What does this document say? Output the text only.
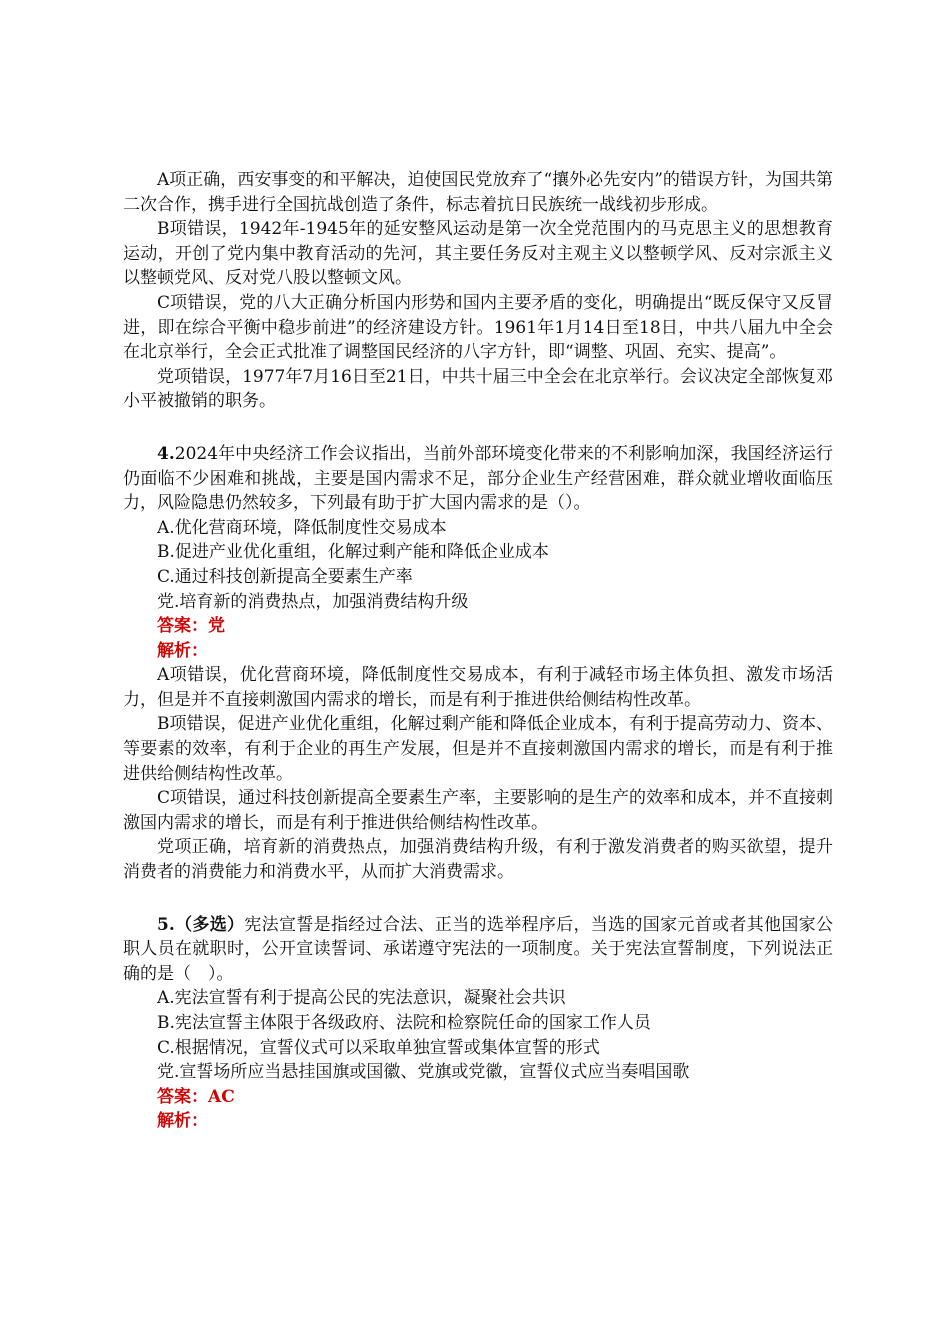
A项正确，西安事变的和平解决，迫使国民党放弃了“攘外必先安内”的错误方针，为国共第二次合作，携手进行全国抗战创造了条件，标志着抗日民族统一战线初步形成。

B项错误，1942年-1945年的延安整风运动是第一次全党范围内的马克思主义的思想教育运动，开创了党内集中教育活动的先河，其主要任务反对主观主义以整顿学风、反对宗派主义以整顿党风、反对党八股以整顿文风。

C项错误，党的八大正确分析国内形势和国内主要矛盾的变化，明确提出“既反保守又反冒进，即在综合平衡中稳步前进”的经济建设方针。1961年1月14日至18日，中共八届九中全会在北京举行，全会正式批准了调整国民经济的八字方针，即“调整、巩固、充实、提高”。

党项错误，1977年7月16日至21日，中共十届三中全会在北京举行。会议决定全部恢复邓小平被撤销的职务。

4.2024年中央经济工作会议指出，当前外部环境变化带来的不利影响加深，我国经济运行仍面临不少困难和挑战，主要是国内需求不足，部分企业生产经营困难，群众就业增收面临压力，风险隐患仍然较多，下列最有助于扩大国内需求的是（）。

A.优化营商环境，降低制度性交易成本

B.促进产业优化重组，化解过剩产能和降低企业成本

C.通过科技创新提高全要素生产率

党.培育新的消费热点，加强消费结构升级

答案：党

解析：

A项错误，优化营商环境，降低制度性交易成本，有利于减轻市场主体负担、激发市场活力，但是并不直接刺激国内需求的增长，而是有利于推进供给侧结构性改革。

B项错误，促进产业优化重组，化解过剩产能和降低企业成本，有利于提高劳动力、资本、等要素的效率，有利于企业的再生产发展，但是并不直接刺激国内需求的增长，而是有利于推进供给侧结构性改革。

C项错误，通过科技创新提高全要素生产率，主要影响的是生产的效率和成本，并不直接刺激国内需求的增长，而是有利于推进供给侧结构性改革。

党项正确，培育新的消费热点，加强消费结构升级，有利于激发消费者的购买欲望，提升消费者的消费能力和消费水平，从而扩大消费需求。

5.（多选）宪法宣誓是指经过合法、正当的选举程序后，当选的国家元首或者其他国家公职人员在就职时，公开宣读誓词、承诺遵守宪法的一项制度。关于宪法宣誓制度，下列说法正确的是（　）。

A.宪法宣誓有利于提高公民的宪法意识，凝聚社会共识

B.宪法宣誓主体限于各级政府、法院和检察院任命的国家工作人员

C.根据情况，宣誓仪式可以采取单独宣誓或集体宣誓的形式

党.宣誓场所应当悬挂国旗或国徽、党旗或党徽，宣誓仪式应当奏唱国歌

答案：AC

解析：
